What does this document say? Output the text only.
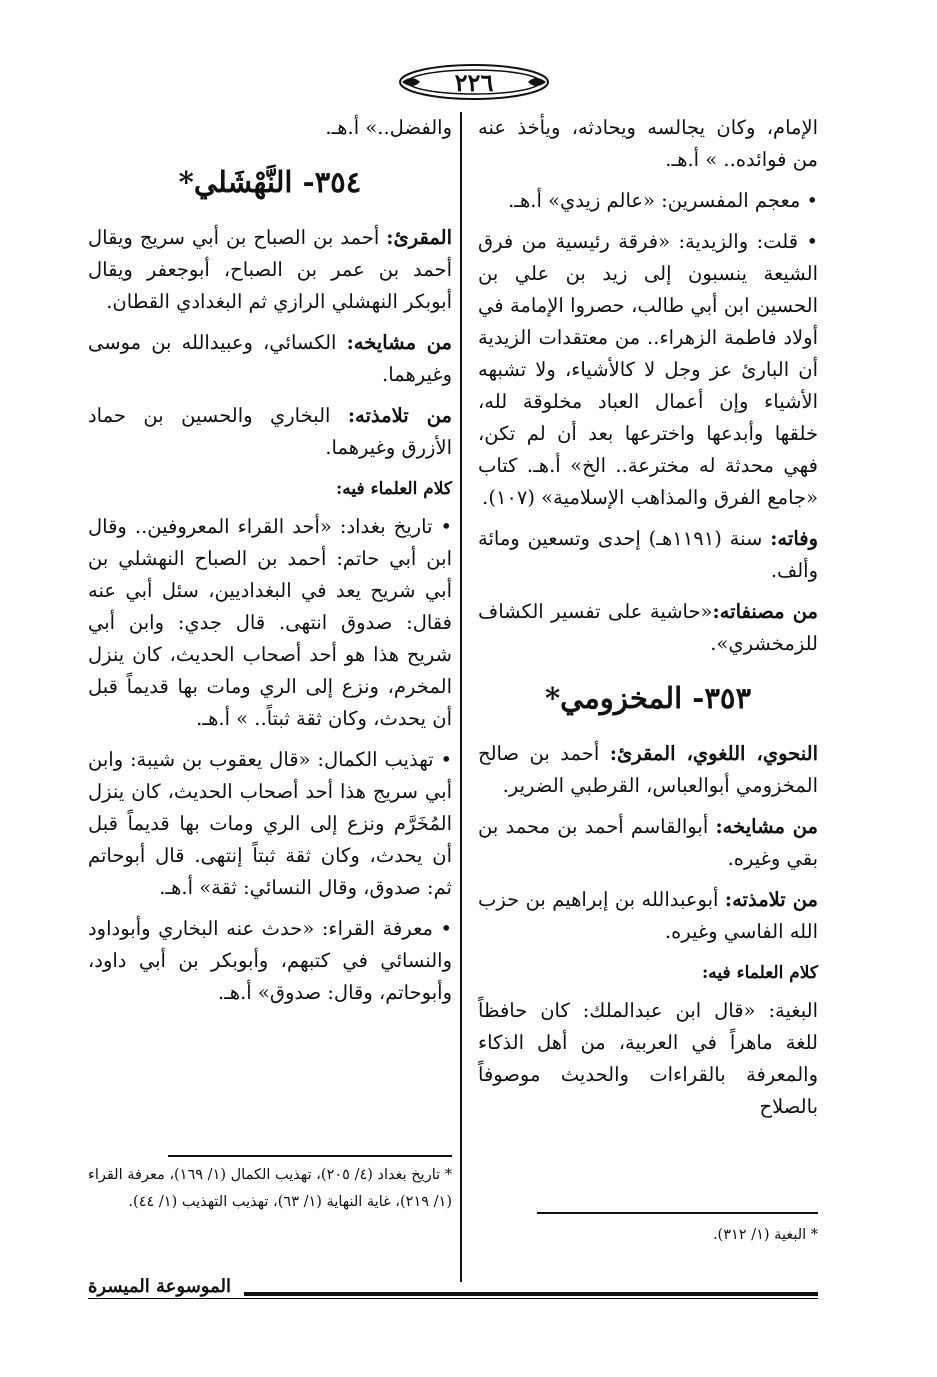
٢٢٦

الإمام، وكان يجالسه ويحادثه، ويأخذ عنه من فوائده.. » أ.هـ.

• معجم المفسرين: «عالم زيدي» أ.هـ.

• قلت: والزيدية: «فرقة رئيسية من فرق الشيعة ينسبون إلى زيد بن علي بن الحسين ابن أبي طالب، حصروا الإمامة في أولاد فاطمة الزهراء.. من معتقدات الزيدية أن البارئ عز وجل لا كالأشياء، ولا تشبهه الأشياء وإن أعمال العباد مخلوقة لله، خلقها وأبدعها واخترعها بعد أن لم تكن، فهي محدثة له مخترعة.. الخ» أ.هـ. كتاب «جامع الفرق والمذاهب الإسلامية» (١٠٧).

وفاته: سنة (١١٩١هـ) إحدى وتسعين ومائة وألف.

من مصنفاته:«حاشية على تفسير الكشاف للزمخشري».

٣٥٣- المخزومي*

النحوي، اللغوي، المقرئ: أحمد بن صالح المخزومي أبوالعباس، القرطبي الضرير.

من مشايخه: أبوالقاسم أحمد بن محمد بن بقي وغيره.

من تلامذته: أبوعبدالله بن إبراهيم بن حزب الله الفاسي وغيره.

كلام العلماء فيه:

البغية: «قال ابن عبدالملك: كان حافظاً للغة ماهراً في العربية، من أهل الذكاء والمعرفة بالقراءات والحديث موصوفاً بالصلاح

* البغية (١/ ٣١٢).

والفضل..» أ.هـ.

٣٥٤- النَّهْشَلي*

المقرئ: أحمد بن الصباح بن أبي سريج ويقال أحمد بن عمر بن الصباح، أبوجعفر ويقال أبوبكر النهشلي الرازي ثم البغدادي القطان.

من مشايخه: الكسائي، وعبيدالله بن موسى وغيرهما.

من تلامذته: البخاري والحسين بن حماد الأزرق وغيرهما.

كلام العلماء فيه:

• تاريخ بغداد: «أحد القراء المعروفين.. وقال ابن أبي حاتم: أحمد بن الصباح النهشلي بن أبي شريح يعد في البغداديين، سئل أبي عنه فقال: صدوق انتهى. قال جدي: وابن أبي شريح هذا هو أحد أصحاب الحديث، كان ينزل المخرم، ونزع إلى الري ومات بها قديماً قبل أن يحدث، وكان ثقة ثبتاً.. » أ.هـ.

• تهذيب الكمال: «قال يعقوب بن شيبة: وابن أبي سريج هذا أحد أصحاب الحديث، كان ينزل المُخَرَّم ونزع إلى الري ومات بها قديماً قبل أن يحدث، وكان ثقة ثبتاً إنتهى. قال أبوحاتم ثم: صدوق، وقال النسائي: ثقة» أ.هـ.

• معرفة القراء: «حدث عنه البخاري وأبوداود والنسائي في كتبهم، وأبوبكر بن أبي داود، وأبوحاتم، وقال: صدوق» أ.هـ.

* تاريخ بغداد (٤/ ٢٠٥)، تهذيب الكمال (١/ ١٦٩)، معرفة القراء (١/ ٢١٩)، غاية النهاية (١/ ٦٣)، تهذيب التهذيب (١/ ٤٤).
الموسوعة الميسرة
